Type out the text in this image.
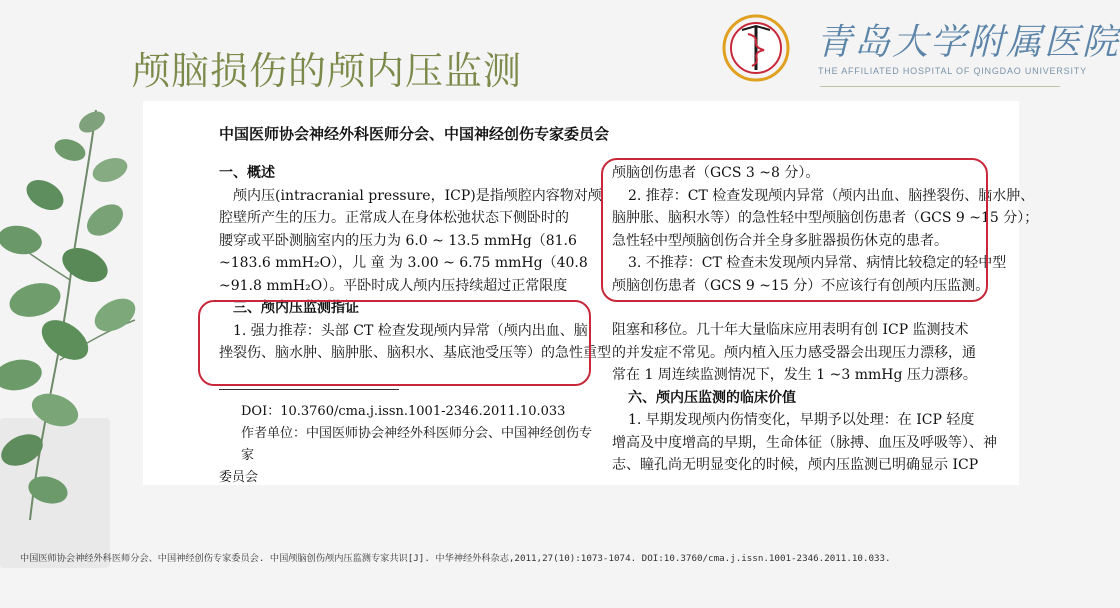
颅脑损伤的颅内压监测
青岛大学附属医院
THE AFFILIATED HOSPITAL OF QINGDAO UNIVERSITY
中国医师协会神经外科医师分会、中国神经创伤专家委员会
一、概述
颅内压(intracranial pressure，ICP)是指颅腔内容物对颅
腔壁所产生的压力。正常成人在身体松弛状态下侧卧时的
腰穿或平卧测脑室内的压力为 6.0 ~ 13.5 mmHg（81.6
~183.6 mmH₂O），儿 童 为 3.00 ~ 6.75 mmHg（40.8
~91.8 mmH₂O）。平卧时成人颅内压持续超过正常限度
三、颅内压监测指证
1. 强力推荐：头部 CT 检查发现颅内异常（颅内出血、脑
挫裂伤、脑水肿、脑肿胀、脑积水、基底池受压等）的急性重型
DOI：10.3760/cma.j.issn.1001-2346.2011.10.033
作者单位：中国医师协会神经外科医师分会、中国神经创伤专家
委员会
颅脑创伤患者（GCS 3 ~8 分）。
2. 推荐：CT 检查发现颅内异常（颅内出血、脑挫裂伤、脑水肿、
脑肿胀、脑积水等）的急性轻中型颅脑创伤患者（GCS 9 ~15 分）；
急性轻中型颅脑创伤合并全身多脏器损伤休克的患者。
3. 不推荐：CT 检查未发现颅内异常、病情比较稳定的轻中型
颅脑创伤患者（GCS 9 ~15 分）不应该行有创颅内压监测。
阻塞和移位。几十年大量临床应用表明有创 ICP 监测技术
的并发症不常见。颅内植入压力感受器会出现压力漂移，通
常在 1 周连续监测情况下，发生 1 ~3 mmHg 压力漂移。
六、颅内压监测的临床价值
1. 早期发现颅内伤情变化，早期予以处理：在 ICP 轻度
增高及中度增高的早期，生命体征（脉搏、血压及呼吸等）、神
志、瞳孔尚无明显变化的时候，颅内压监测已明确显示 ICP
中国医师协会神经外科医师分会、中国神经创伤专家委员会. 中国颅脑创伤颅内压监测专家共识[J]. 中华神经外科杂志,2011,27(10):1073-1074. DOI:10.3760/cma.j.issn.1001-2346.2011.10.033.
